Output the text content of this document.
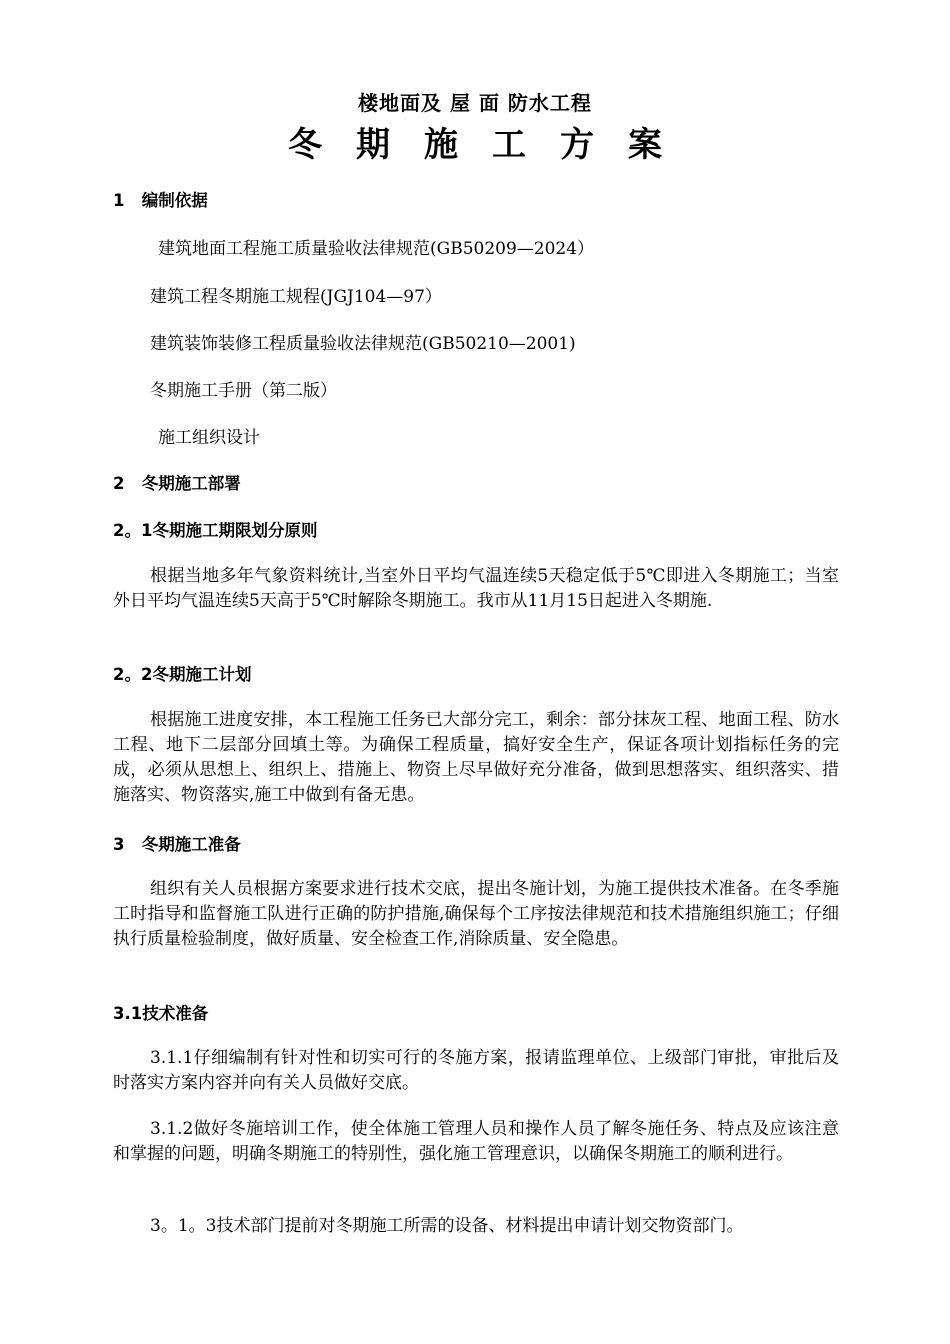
楼地面及 屋 面 防水工程
冬期施工方案
1   编制依据
建筑地面工程施工质量验收法律规范(GB50209—2024）
建筑工程冬期施工规程(JGJ104—97）
建筑装饰装修工程质量验收法律规范(GB50210—2001)
冬期施工手册（第二版）
施工组织设计
2   冬期施工部署
2。1冬期施工期限划分原则
根据当地多年气象资料统计,当室外日平均气温连续5天稳定低于5℃即进入冬期施工；当室外日平均气温连续5天高于5℃时解除冬期施工。我市从11月15日起进入冬期施.
2。2冬期施工计划
根据施工进度安排，本工程施工任务已大部分完工，剩余：部分抹灰工程、地面工程、防水工程、地下二层部分回填土等。为确保工程质量，搞好安全生产，保证各项计划指标任务的完成，必须从思想上、组织上、措施上、物资上尽早做好充分准备，做到思想落实、组织落实、措施落实、物资落实,施工中做到有备无患。
3   冬期施工准备
组织有关人员根据方案要求进行技术交底，提出冬施计划，为施工提供技术准备。在冬季施工时指导和监督施工队进行正确的防护措施,确保每个工序按法律规范和技术措施组织施工；仔细执行质量检验制度，做好质量、安全检查工作,消除质量、安全隐患。
3.1技术准备
3.1.1仔细编制有针对性和切实可行的冬施方案，报请监理单位、上级部门审批，审批后及时落实方案内容并向有关人员做好交底。
3.1.2做好冬施培训工作，使全体施工管理人员和操作人员了解冬施任务、特点及应该注意和掌握的问题，明确冬期施工的特别性，强化施工管理意识，以确保冬期施工的顺利进行。
3。1。3技术部门提前对冬期施工所需的设备、材料提出申请计划交物资部门。
